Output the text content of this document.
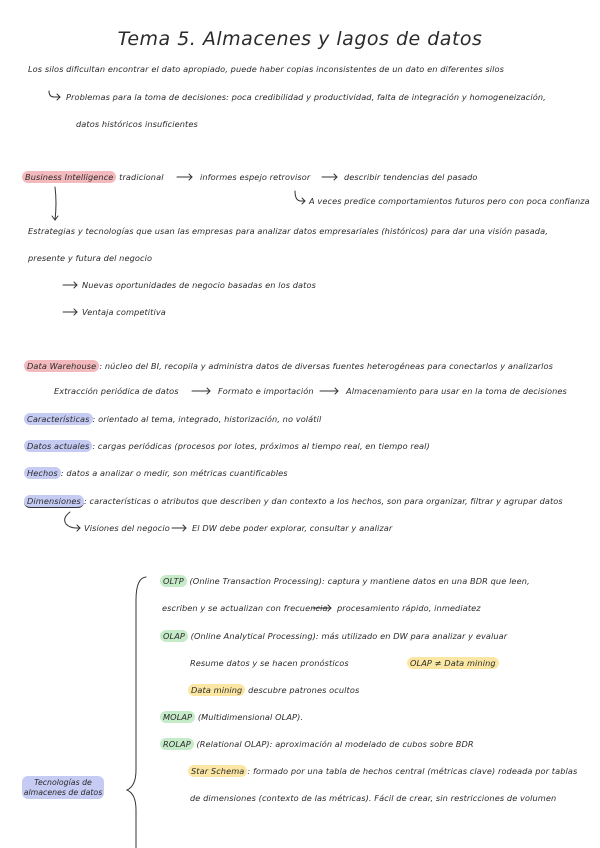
Tema 5. Almacenes y lagos de datos
Los silos dificultan encontrar el dato apropiado, puede haber copias inconsistentes de un dato en diferentes silos
Problemas para la toma de decisiones: poca credibilidad y productividad, falta de integración y homogeneización,
datos históricos insuficientes
Business Intelligence tradicional	informes espejo retrovisor	describir tendencias del pasado
A veces predice comportamientos futuros pero con poca confianza
Estrategias y tecnologías que usan las empresas para analizar datos empresariales (históricos) para dar una visión pasada,
presente y futura del negocio
Nuevas oportunidades de negocio basadas en los datos
Ventaja competitiva
Data Warehouse : núcleo del BI, recopila y administra datos de diversas fuentes heterogéneas para conectarlos y analizarlos
Extracción periódica de datos	Formato e importación	Almacenamiento para usar en la toma de decisiones
Características : orientado al tema, integrado, historización, no volátil
Datos actuales : cargas periódicas (procesos por lotes, próximos al tiempo real, en tiempo real)
Hechos : datos a analizar o medir, son métricas cuantificables
Dimensiones : características o atributos que describen y dan contexto a los hechos, son para organizar, filtrar y agrupar datos
Visiones del negocio	El DW debe poder explorar, consultar y analizar
OLTP (Online Transaction Processing): captura y mantiene datos en una BDR que leen,
escriben y se actualizan con frecuencia procesamiento rápido, inmediatez
OLAP (Online Analytical Processing): más utilizado en DW para analizar y evaluar
Resume datos y se hacen pronósticos	OLAP ≠ Data mining
Data mining descubre patrones ocultos
MOLAP (Multidimensional OLAP).
ROLAP (Relational OLAP): aproximación al modelado de cubos sobre BDR
Star Schema : formado por una tabla de hechos central (métricas clave) rodeada por tablas
de dimensiones (contexto de las métricas). Fácil de crear, sin restricciones de volumen
Tecnologías de
almacenes de datos
